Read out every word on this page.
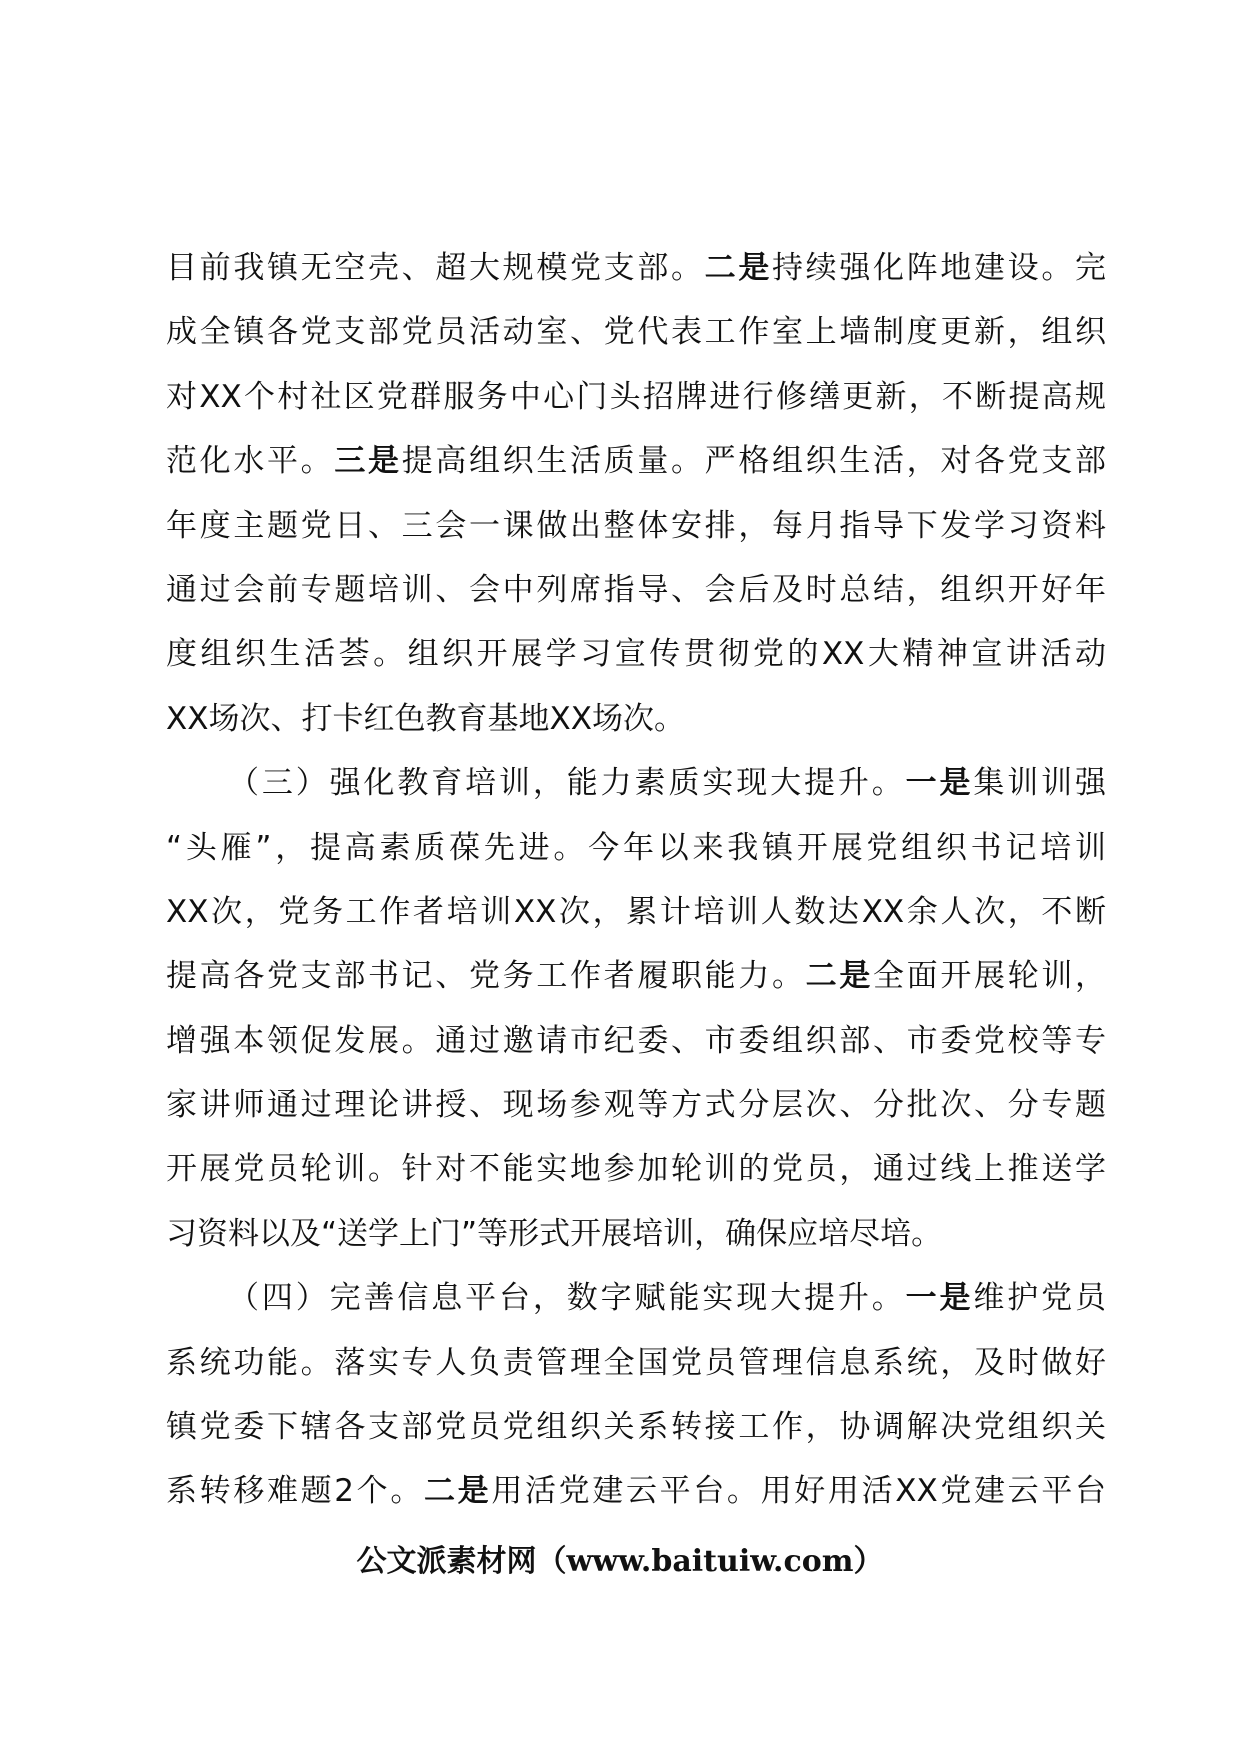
目前我镇无空壳、超大规模党支部。二是持续强化阵地建设。完
成全镇各党支部党员活动室、党代表工作室上墙制度更新，组织
对XX个村社区党群服务中心门头招牌进行修缮更新，不断提高规
范化水平。三是提高组织生活质量。严格组织生活，对各党支部
年度主题党日、三会一课做出整体安排，每月指导下发学习资料
通过会前专题培训、会中列席指导、会后及时总结，组织开好年
度组织生活荟。组织开展学习宣传贯彻党的XX大精神宣讲活动
XX场次、打卡红色教育基地XX场次。
（三）强化教育培训，能力素质实现大提升。一是集训训强
“头雁”，提高素质葆先进。今年以来我镇开展党组织书记培训
XX次，党务工作者培训XX次，累计培训人数达XX余人次，不断
提高各党支部书记、党务工作者履职能力。二是全面开展轮训，
增强本领促发展。通过邀请市纪委、市委组织部、市委党校等专
家讲师通过理论讲授、现场参观等方式分层次、分批次、分专题
开展党员轮训。针对不能实地参加轮训的党员，通过线上推送学
习资料以及“送学上门”等形式开展培训，确保应培尽培。
（四）完善信息平台，数字赋能实现大提升。一是维护党员
系统功能。落实专人负责管理全国党员管理信息系统，及时做好
镇党委下辖各支部党员党组织关系转接工作，协调解决党组织关
系转移难题2个。二是用活党建云平台。用好用活XX党建云平台
公文派素材网（www.baituiw.com）
